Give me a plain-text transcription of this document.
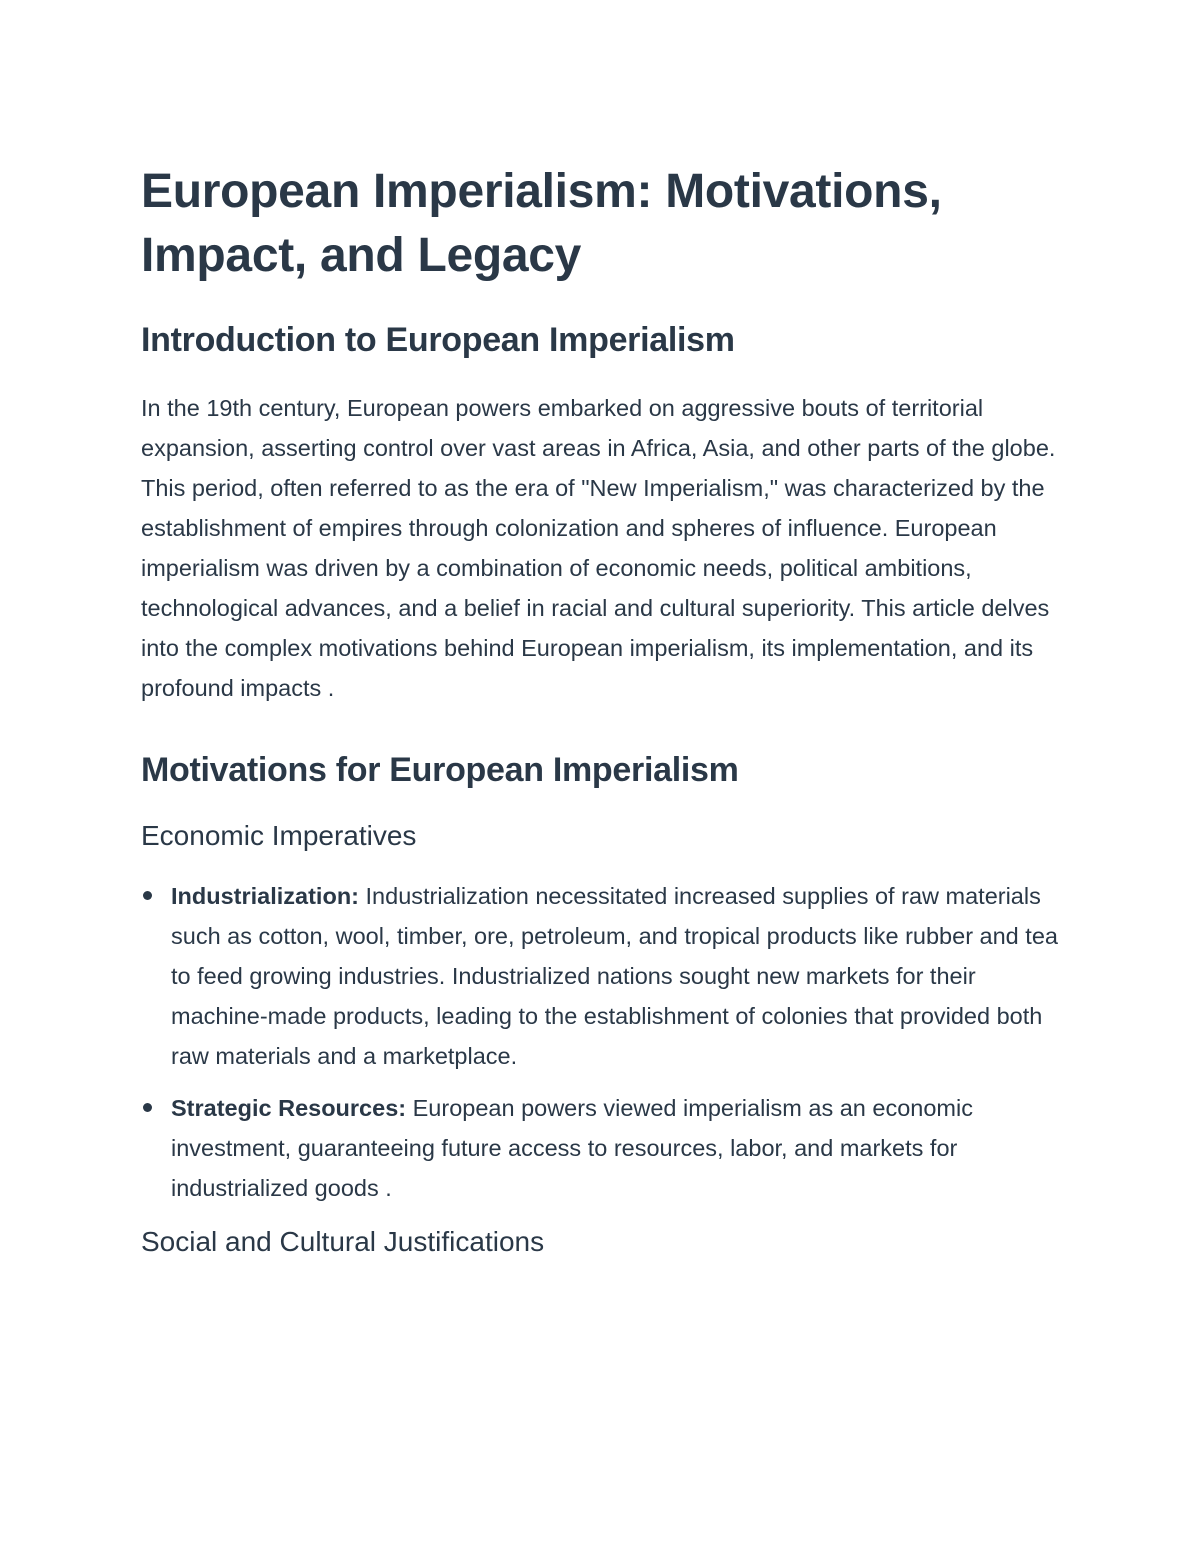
European Imperialism: Motivations, Impact, and Legacy
Introduction to European Imperialism

In the 19th century, European powers embarked on aggressive bouts of territorial expansion, asserting control over vast areas in Africa, Asia, and other parts of the globe. This period, often referred to as the era of "New Imperialism," was characterized by the establishment of empires through colonization and spheres of influence. European imperialism was driven by a combination of economic needs, political ambitions, technological advances, and a belief in racial and cultural superiority. This article delves into the complex motivations behind European imperialism, its implementation, and its profound impacts .

Motivations for European Imperialism
Economic Imperatives
Industrialization: Industrialization necessitated increased supplies of raw materials such as cotton, wool, timber, ore, petroleum, and tropical products like rubber and tea to feed growing industries. Industrialized nations sought new markets for their machine-made products, leading to the establishment of colonies that provided both raw materials and a marketplace.
Strategic Resources: European powers viewed imperialism as an economic investment, guaranteeing future access to resources, labor, and markets for industrialized goods .
Social and Cultural Justifications
